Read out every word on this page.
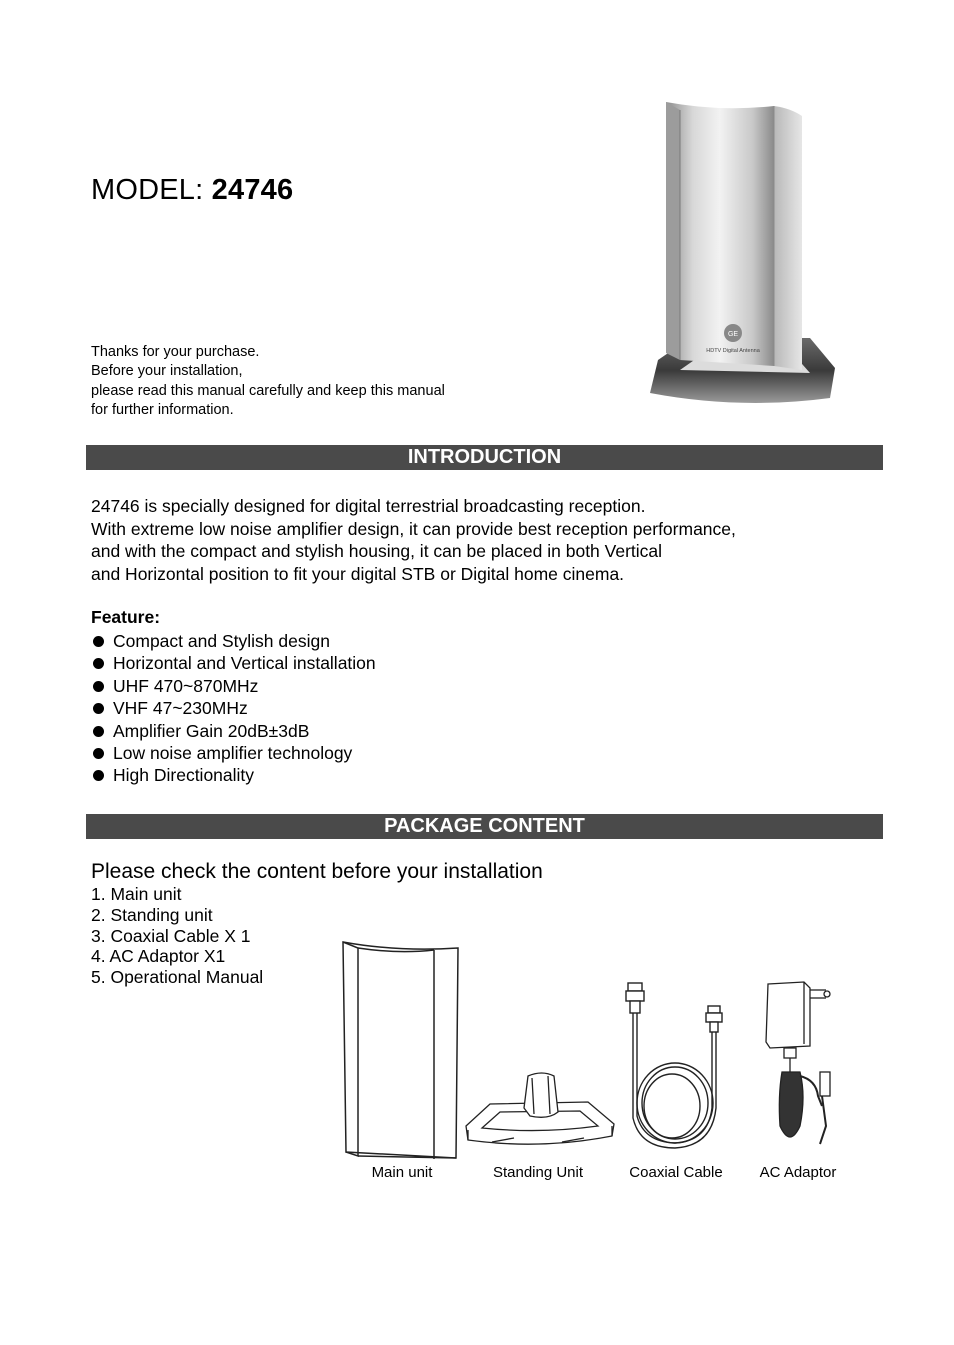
MODEL: 24746
Thanks for your purchase.
Before your installation,
please read this manual carefully and keep this manual
for further information.
GE
HDTV Digital Antenna
INTRODUCTION
24746 is specially designed for digital terrestrial broadcasting reception.
With extreme low noise amplifier design, it can provide best reception performance,
and with the compact and stylish housing, it can be placed in both Vertical
and Horizontal position to fit your digital STB or Digital home cinema.
Feature:
Compact and Stylish design
Horizontal and Vertical installation
UHF 470~870MHz
VHF 47~230MHz
Amplifier Gain 20dB±3dB
Low noise amplifier technology
High Directionality
PACKAGE CONTENT
Please check the content before your installation
1. Main unit
2. Standing unit
3. Coaxial Cable X 1
4. AC Adaptor X1
5. Operational Manual
Main unit	Standing Unit	Coaxial Cable	AC Adaptor
